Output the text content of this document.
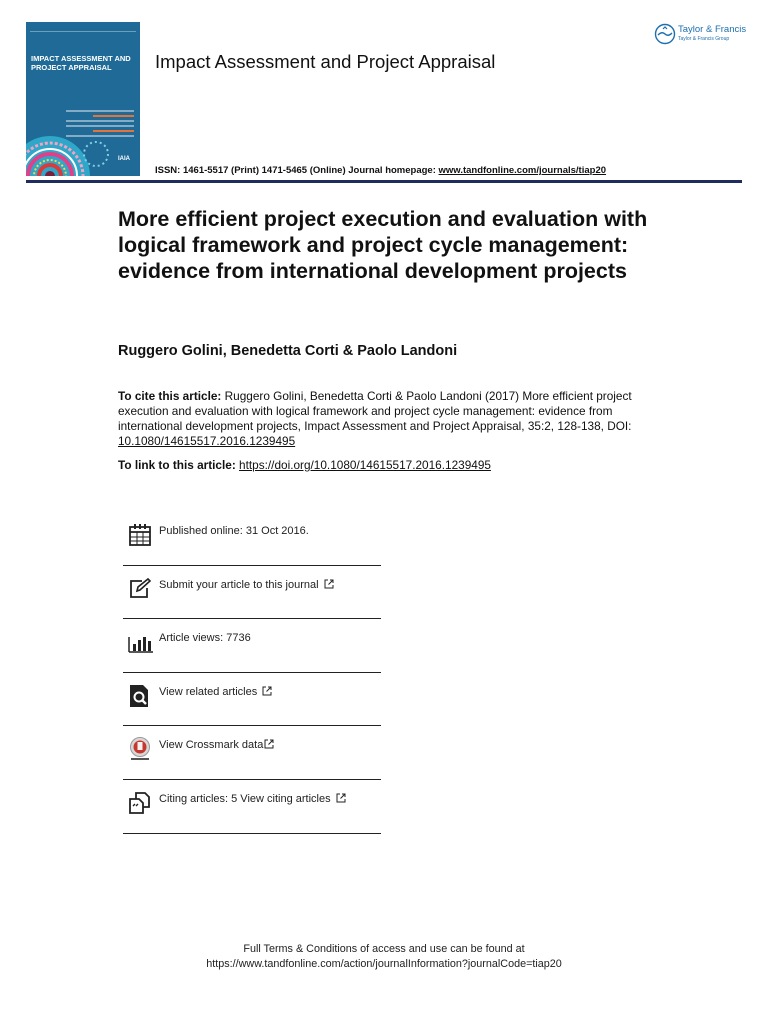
IMPACT ASSESSMENT AND PROJECT APPRAISAL
IAIA
Impact Assessment and Project Appraisal
Taylor & Francis
Taylor & Francis Group
ISSN: 1461-5517 (Print) 1471-5465 (Online) Journal homepage: www.tandfonline.com/journals/tiap20
More efficient project execution and evaluation with logical framework and project cycle management: evidence from international development projects
Ruggero Golini, Benedetta Corti & Paolo Landoni

To cite this article: Ruggero Golini, Benedetta Corti & Paolo Landoni (2017) More efficient project execution and evaluation with logical framework and project cycle management: evidence from international development projects, Impact Assessment and Project Appraisal, 35:2, 128-138, DOI: 10.1080/14615517.2016.1239495

To link to this article: https://doi.org/10.1080/14615517.2016.1239495
Published online: 31 Oct 2016.
Submit your article to this journal
Article views: 7736
View related articles
View Crossmark data
Citing articles: 5 View citing articles
Full Terms & Conditions of access and use can be found at
https://www.tandfonline.com/action/journalInformation?journalCode=tiap20
